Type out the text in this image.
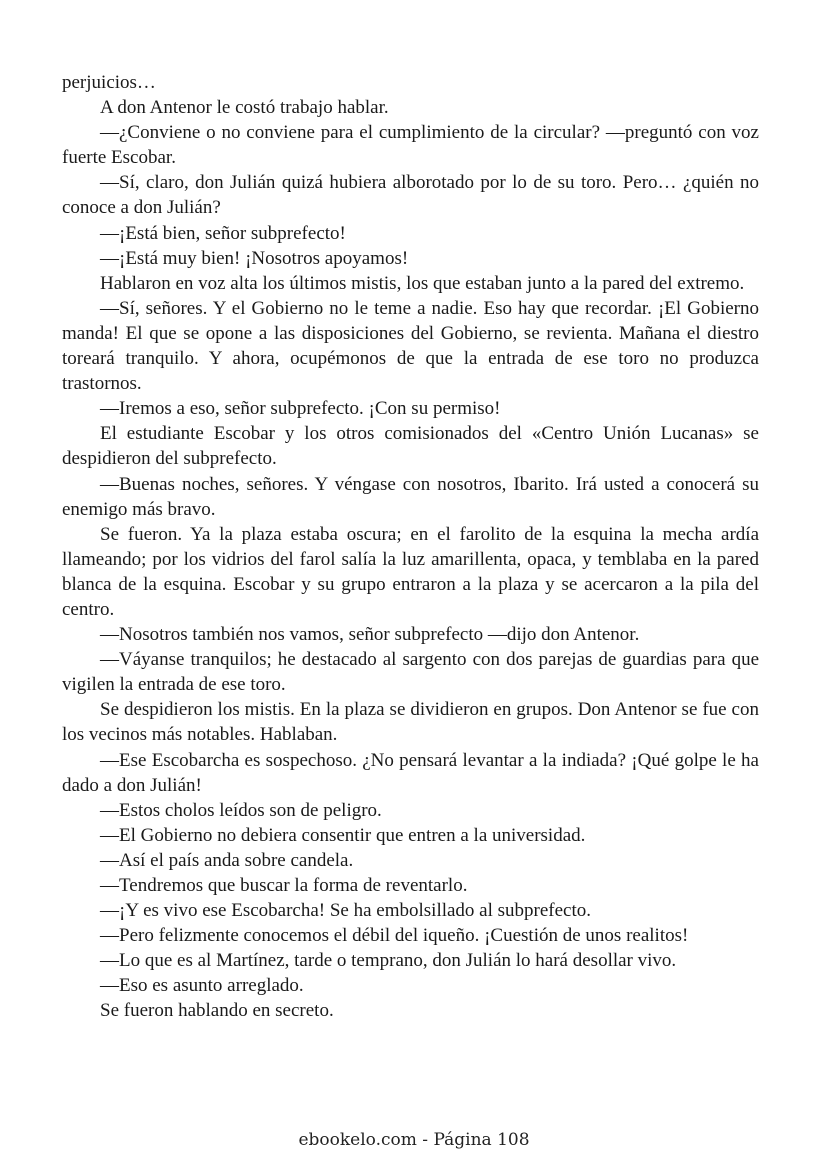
perjuicios…

A don Antenor le costó trabajo hablar.

—¿Conviene o no conviene para el cumplimiento de la circular? —preguntó con voz fuerte Escobar.

—Sí, claro, don Julián quizá hubiera alborotado por lo de su toro. Pero… ¿quién no conoce a don Julián?

—¡Está bien, señor subprefecto!

—¡Está muy bien! ¡Nosotros apoyamos!

Hablaron en voz alta los últimos mistis, los que estaban junto a la pared del extremo.

—Sí, señores. Y el Gobierno no le teme a nadie. Eso hay que recordar. ¡El Gobierno manda! El que se opone a las disposiciones del Gobierno, se revienta. Mañana el diestro toreará tranquilo. Y ahora, ocupémonos de que la entrada de ese toro no produzca trastornos.

—Iremos a eso, señor subprefecto. ¡Con su permiso!

El estudiante Escobar y los otros comisionados del «Centro Unión Lucanas» se despidieron del subprefecto.

—Buenas noches, señores. Y véngase con nosotros, Ibarito. Irá usted a conocerá su enemigo más bravo.

Se fueron. Ya la plaza estaba oscura; en el farolito de la esquina la mecha ardía llameando; por los vidrios del farol salía la luz amarillenta, opaca, y temblaba en la pared blanca de la esquina. Escobar y su grupo entraron a la plaza y se acercaron a la pila del centro.

—Nosotros también nos vamos, señor subprefecto —dijo don Antenor.

—Váyanse tranquilos; he destacado al sargento con dos parejas de guardias para que vigilen la entrada de ese toro.

Se despidieron los mistis. En la plaza se dividieron en grupos. Don Antenor se fue con los vecinos más notables. Hablaban.

—Ese Escobarcha es sospechoso. ¿No pensará levantar a la indiada? ¡Qué golpe le ha dado a don Julián!

—Estos cholos leídos son de peligro.

—El Gobierno no debiera consentir que entren a la universidad.

—Así el país anda sobre candela.

—Tendremos que buscar la forma de reventarlo.

—¡Y es vivo ese Escobarcha! Se ha embolsillado al subprefecto.

—Pero felizmente conocemos el débil del iqueño. ¡Cuestión de unos realitos!

—Lo que es al Martínez, tarde o temprano, don Julián lo hará desollar vivo.

—Eso es asunto arreglado.

Se fueron hablando en secreto.

ebookelo.com - Página 108
